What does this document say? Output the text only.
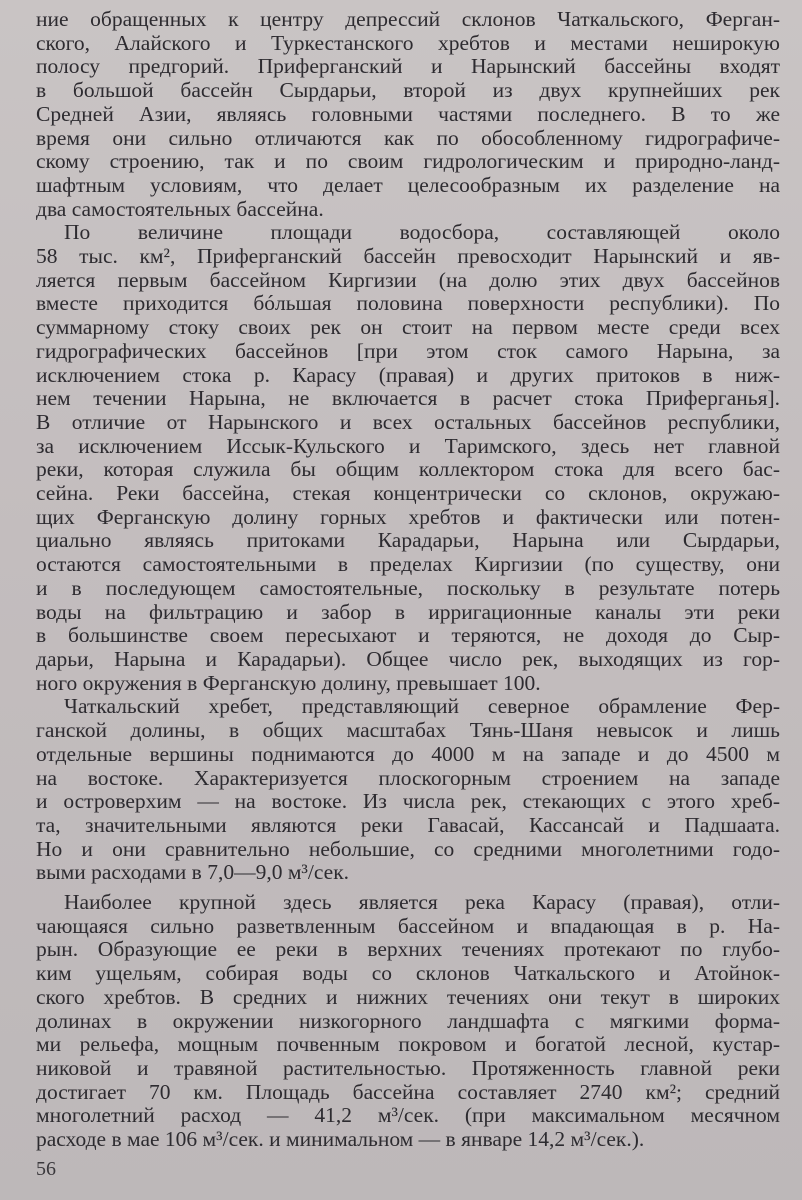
ние обращенных к центру депрессий склонов Чаткальского, Ферган-

ского, Алайского и Туркестанского хребтов и местами неширокую

полосу предгорий. Приферганский и Нарынский бассейны входят

в большой бассейн Сырдарьи, второй из двух крупнейших рек

Средней Азии, являясь головными частями последнего. В то же

время они сильно отличаются как по обособленному гидрографиче-

скому строению, так и по своим гидрологическим и природно-ланд-

шафтным условиям, что делает целесообразным их разделение на

два самостоятельных бассейна.

По величине площади водосбора, составляющей около

58 тыс. км², Приферганский бассейн превосходит Нарынский и яв-

ляется первым бассейном Киргизии (на долю этих двух бассейнов

вместе приходится бóльшая половина поверхности республики). По

суммарному стоку своих рек он стоит на первом месте среди всех

гидрографических бассейнов [при этом сток самого Нарына, за

исключением стока р. Карасу (правая) и других притоков в ниж-

нем течении Нарына, не включается в расчет стока Приферганья].

В отличие от Нарынского и всех остальных бассейнов республики,

за исключением Иссык-Кульского и Таримского, здесь нет главной

реки, которая служила бы общим коллектором стока для всего бас-

сейна. Реки бассейна, стекая концентрически со склонов, окружаю-

щих Ферганскую долину горных хребтов и фактически или потен-

циально являясь притоками Карадарьи, Нарына или Сырдарьи,

остаются самостоятельными в пределах Киргизии (по существу, они

и в последующем самостоятельные, поскольку в результате потерь

воды на фильтрацию и забор в ирригационные каналы эти реки

в большинстве своем пересыхают и теряются, не доходя до Сыр-

дарьи, Нарына и Карадарьи). Общее число рек, выходящих из гор-

ного окружения в Ферганскую долину, превышает 100.

Чаткальский хребет, представляющий северное обрамление Фер-

ганской долины, в общих масштабах Тянь-Шаня невысок и лишь

отдельные вершины поднимаются до 4000 м на западе и до 4500 м

на востоке. Характеризуется плоскогорным строением на западе

и островерхим — на востоке. Из числа рек, стекающих с этого хреб-

та, значительными являются реки Гавасай, Кассансай и Падшаата.

Но и они сравнительно небольшие, со средними многолетними годо-

выми расходами в 7,0—9,0 м³/сек.

Наиболее крупной здесь является река Карасу (правая), отли-

чающаяся сильно разветвленным бассейном и впадающая в р. На-

рын. Образующие ее реки в верхних течениях протекают по глубо-

ким ущельям, собирая воды со склонов Чаткальского и Атойнок-

ского хребтов. В средних и нижних течениях они текут в широких

долинах в окружении низкогорного ландшафта с мягкими форма-

ми рельефа, мощным почвенным покровом и богатой лесной, кустар-

никовой и травяной растительностью. Протяженность главной реки

достигает 70 км. Площадь бассейна составляет 2740 км²; средний

многолетний расход — 41,2 м³/сек. (при максимальном месячном

расходе в мае 106 м³/сек. и минимальном — в январе 14,2 м³/сек.).

56
